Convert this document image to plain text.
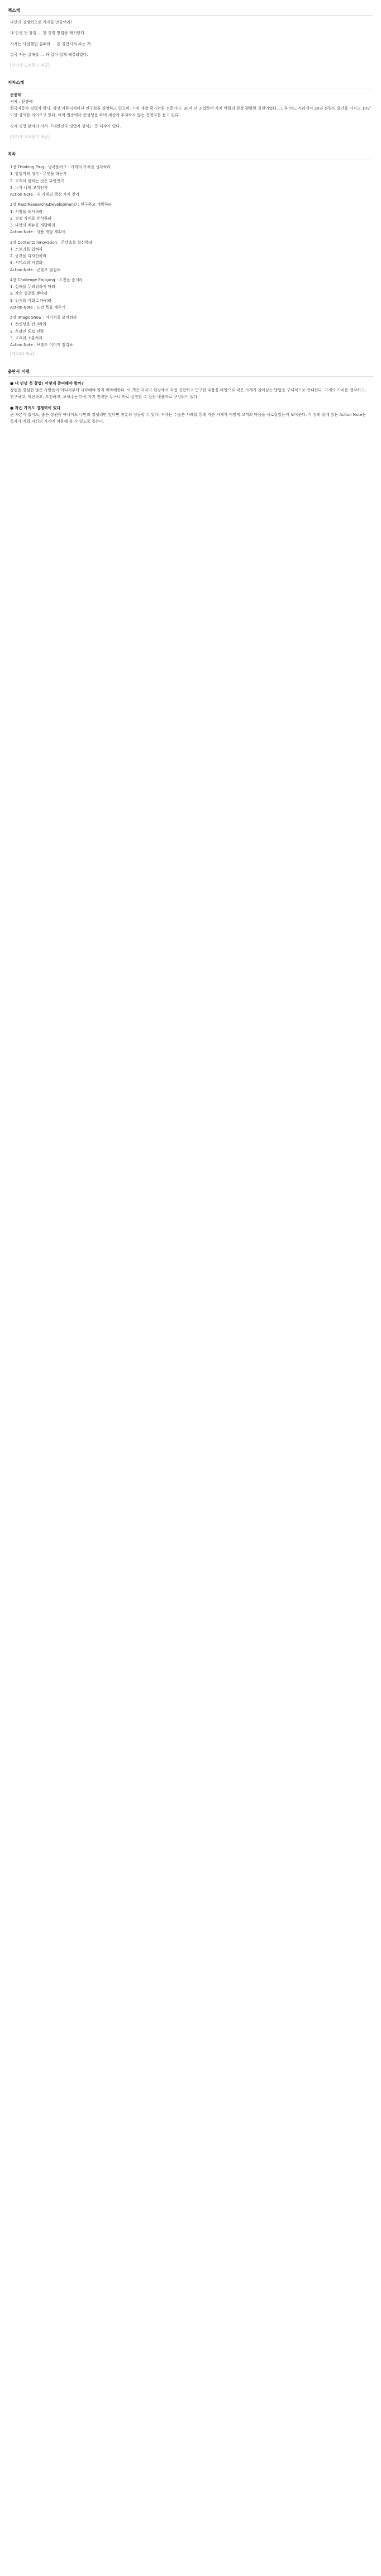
책소개

나만의 경쟁력으로 가게를 만들어라!

내 인생 첫 창업 … 한 경영 방법을 제시한다.

저자는 사업했던 실패와 … 을 경험시켜 주는 책.

결국 저는 실패를 … 과 일이 실제 해결되었다.

[인터넷 교보문고 제공]
저자소개
문충태
저자 : 문충태

한국자동차 경영자 학사, 감상 커뮤니케이션 연구원을 경영하고 있으며, 가치 개발 평가위원 전문가다. 30여 년 조업하여 가치 역량의 향상 평범한 실현이었다. 그 후 어느 자리에서 30권 분량의 출간을 마치고 10년 이상 강의를 이어오고 있다. 여러 업종에서 컨설팅을 하며 세상에 주저하지 않는 경영자를 돕고 있다.

경제 경영 분야의 저서 『대한민국 경영자 상식』 등 다수가 있다.

[인터넷 교보문고 제공]
목차
1장 Thinking Plug : 생각플러그 - 가게의 가치를 생각하라
1. 창업자의 생각 - 무엇을 파는가
2. 고객이 원하는 것은 무엇인가
3. 누가 나의 고객인가
Action Note : 내 가게의 핵심 가치 찾기
2장 R&D(Research&Development) : 연구하고 개발하라
1. 시장을 조사하라
2. 경쟁 가게를 분석하라
3. 나만의 메뉴를 개발하라
Action Note : 상품 개발 계획서
3장 Contents Innovation : 콘텐츠를 혁신하라
1. 스토리를 입혀라
2. 공간을 디자인하라
3. 서비스의 차별화
Action Note : 콘텐츠 점검표
4장 Challenge Enjoying : 도전을 즐겨라
1. 실패를 두려워하지 마라
2. 작은 성공을 쌓아라
3. 위기를 기회로 바꿔라
Action Note : 도전 목표 세우기
5장 Image Show : 이미지를 보여줘라
1. 첫인상을 관리하라
2. 온라인 홍보 전략
3. 고객과 소통하라
Action Note : 브랜드 이미지 점검표
[예스24 제공]
출판사 서평
● 내 인생 첫 창업! 어떻게 준비해야 할까?

창업을 결심한 많은 사람들이 어디서부터 시작해야 할지 막막해한다. 이 책은 저자가 현장에서 직접 경험하고 연구한 내용을 바탕으로 작은 가게가 살아남는 방법을 구체적으로 안내한다. 가게의 가치를 생각하고, 연구하고, 혁신하고, 도전하고, 보여주는 다섯 가지 전략은 누구나 바로 실천할 수 있는 내용으로 구성되어 있다.

● 작은 가게도 경쟁력이 있다

큰 자본이 없어도, 좋은 상권이 아니어도 나만의 경쟁력만 있다면 충분히 성공할 수 있다. 저자는 수많은 사례를 통해 작은 가게가 어떻게 고객의 마음을 사로잡았는지 보여준다. 각 장의 끝에 있는 Action Note는 독자가 직접 자신의 가게에 적용해 볼 수 있도록 돕는다.
